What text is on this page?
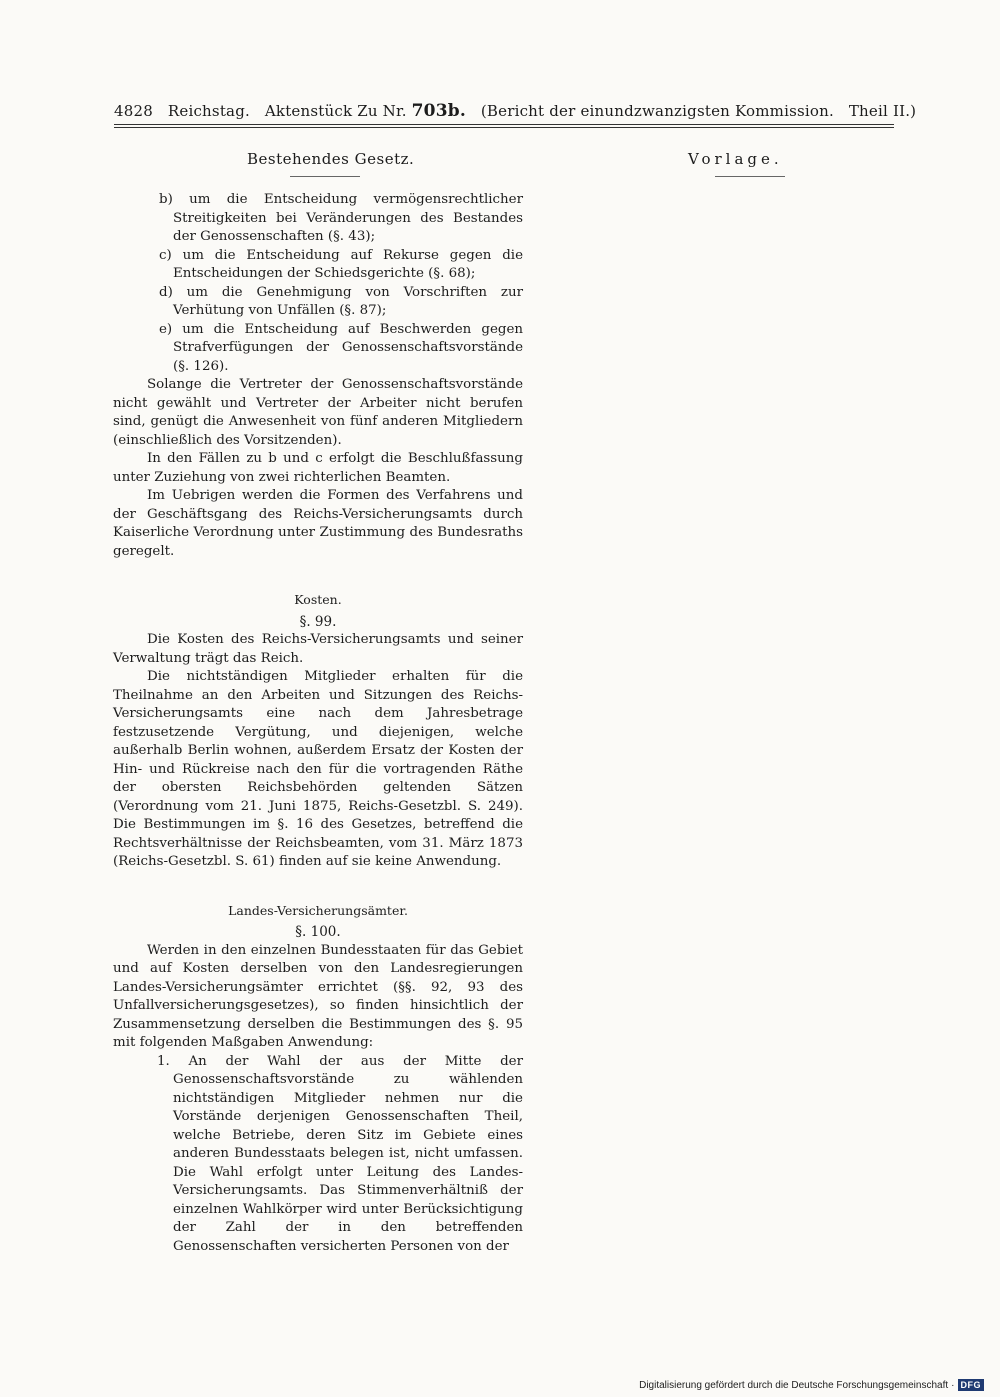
4828 Reichstag. Aktenstück Zu Nr. 703b. (Bericht der einundzwanzigsten Kommission. Theil II.)
Bestehendes Gesetz.	Vorlage.

b) um die Entscheidung vermögensrechtlicher Streitigkeiten bei Veränderungen des Bestandes der Genossenschaften (§. 43);

c) um die Entscheidung auf Rekurse gegen die Entscheidungen der Schiedsgerichte (§. 68);

d) um die Genehmigung von Vorschriften zur Verhütung von Unfällen (§. 87);

e) um die Entscheidung auf Beschwerden gegen Strafverfügungen der Genossenschaftsvorstände (§. 126).

Solange die Vertreter der Genossenschaftsvorstände nicht gewählt und Vertreter der Arbeiter nicht berufen sind, genügt die Anwesenheit von fünf anderen Mitgliedern (einschließlich des Vorsitzenden).

In den Fällen zu b und c erfolgt die Beschlußfassung unter Zuziehung von zwei richterlichen Beamten.

Im Uebrigen werden die Formen des Verfahrens und der Geschäftsgang des Reichs-Versicherungsamts durch Kaiserliche Verordnung unter Zustimmung des Bundesraths geregelt.

Kosten.

§. 99.

Die Kosten des Reichs-Versicherungsamts und seiner Verwaltung trägt das Reich.

Die nichtständigen Mitglieder erhalten für die Theilnahme an den Arbeiten und Sitzungen des Reichs-Versicherungsamts eine nach dem Jahresbetrage festzusetzende Vergütung, und diejenigen, welche außerhalb Berlin wohnen, außerdem Ersatz der Kosten der Hin- und Rückreise nach den für die vortragenden Räthe der obersten Reichsbehörden geltenden Sätzen (Verordnung vom 21. Juni 1875, Reichs-Gesetzbl. S. 249). Die Bestimmungen im §. 16 des Gesetzes, betreffend die Rechtsverhältnisse der Reichsbeamten, vom 31. März 1873 (Reichs-Gesetzbl. S. 61) finden auf sie keine Anwendung.

Landes-Versicherungsämter.

§. 100.

Werden in den einzelnen Bundesstaaten für das Gebiet und auf Kosten derselben von den Landesregierungen Landes-Versicherungsämter errichtet (§§. 92, 93 des Unfallversicherungsgesetzes), so finden hinsichtlich der Zusammensetzung derselben die Bestimmungen des §. 95 mit folgenden Maßgaben Anwendung:

1. An der Wahl der aus der Mitte der Genossenschaftsvorstände zu wählenden nichtständigen Mitglieder nehmen nur die Vorstände derjenigen Genossenschaften Theil, welche Betriebe, deren Sitz im Gebiete eines anderen Bundesstaats belegen ist, nicht umfassen. Die Wahl erfolgt unter Leitung des Landes-Versicherungsamts. Das Stimmenverhältniß der einzelnen Wahlkörper wird unter Berücksichtigung der Zahl der in den betreffenden Genossenschaften versicherten Personen von der

Digitalisierung gefördert durch die Deutsche Forschungsgemeinschaft · DFG
